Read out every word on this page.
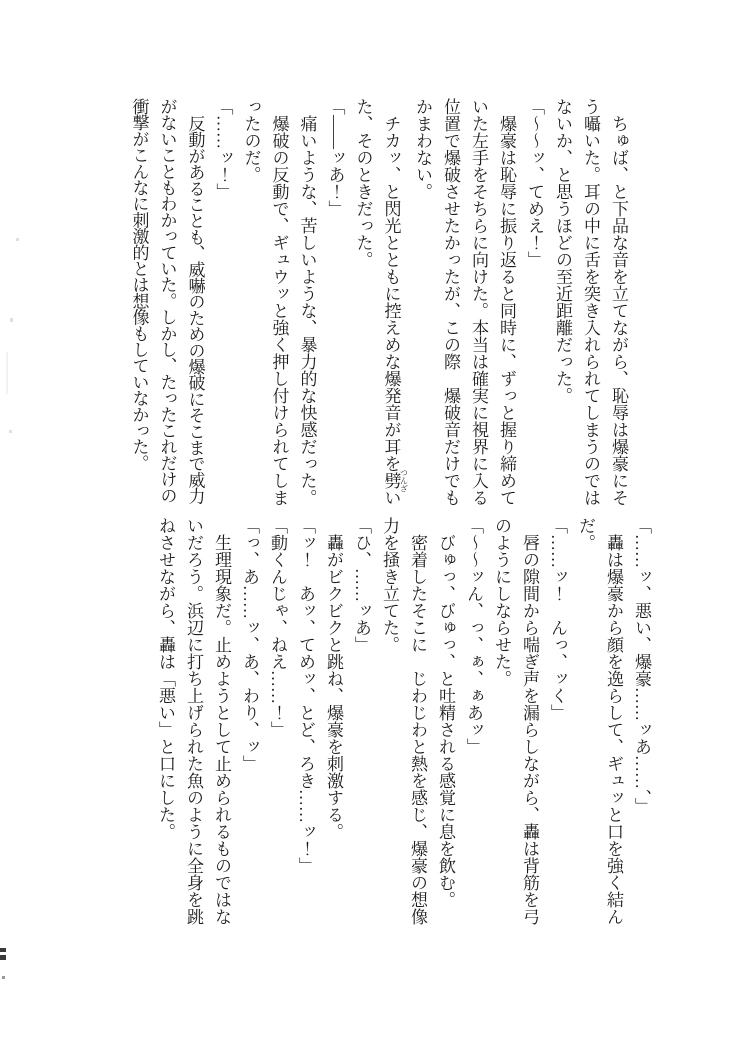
ちゅば、と下品な音を立てながら、恥辱は爆豪にそう囁いた。耳の中に舌を突き入れられてしまうのではないか、と思うほどの至近距離だった。

「～～ッ、てめえ！」

爆豪は恥辱に振り返ると同時に、ずっと握り締めていた左手をそちらに向けた。本当は確実に視界に入る位置で爆破させたかったが、この際　爆破音だけでもかまわない。

チカッ、と閃光とともに控えめな爆発音が耳を劈 つんざいた、そのときだった。

「――ッあ！」

痛いような、苦しいような、暴力的な快感だった。

爆破の反動で、ギュウッと強く押し付けられてしまったのだ。

「……ッ！」

反動があることも、威嚇のための爆破にそこまで威力がないこともわかっていた。しかし、たったこれだけの衝撃がこんなに刺激的とは想像もしていなかった。

「……ッ、悪い、爆豪……ッあ……、」

轟は爆豪から顔を逸らして、ギュッと口を強く結んだ。

「……ッ！　んっ、ッく」

唇の隙間から喘ぎ声を漏らしながら、轟は背筋を弓のようにしならせた。

「～～ッん、っ、ぁ、ぁあッ」

びゅっ、びゅっ、と吐精される感覚に息を飲む。

密着したそこに　じわじわと熱を感じ、爆豪の想像力を掻き立てた。

「ひ、……ッあ」

轟がビクビクと跳ね、爆豪を刺激する。

「ッ！　あッ、てめッ、とど、ろき……ッ！」

「動くんじゃ、ねえ……！」

「っ、あ……ッ、あ、わり、ッ」

生理現象だ。止めようとして止められるものではないだろう。浜辺に打ち上げられた魚のように全身を跳ねさせながら、轟は「悪い」と口にした。
